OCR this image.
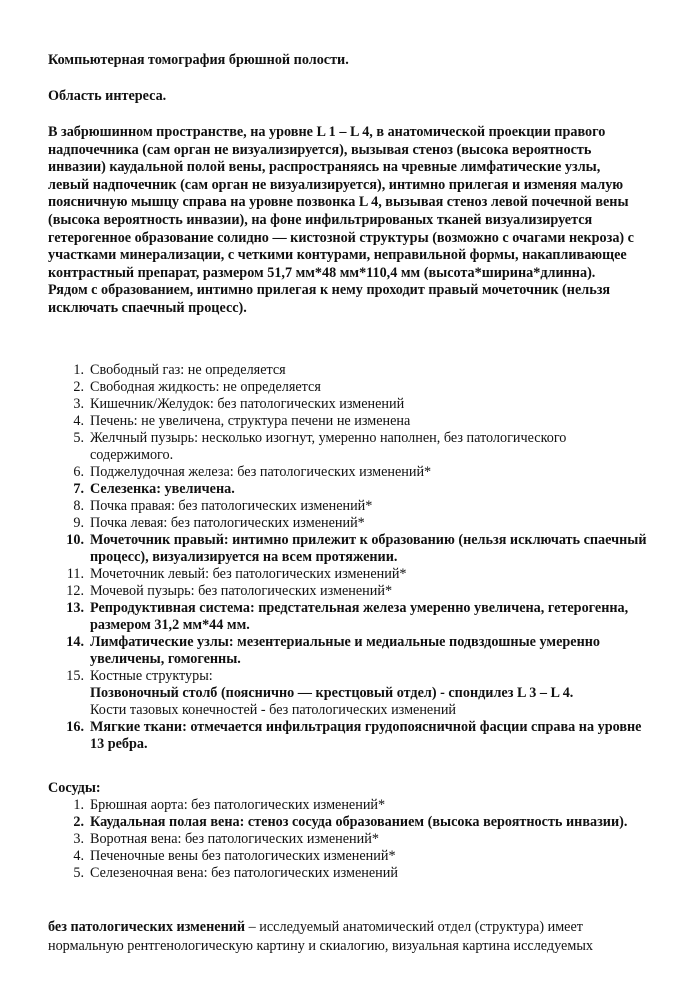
Компьютерная томография брюшной полости.
Область интереса.
В забрюшинном пространстве, на уровне L 1 – L 4, в анатомической проекции правого надпочечника (сам орган не визуализируется), вызывая стеноз (высока вероятность инвазии) каудальной полой вены, распространяясь на чревные лимфатические узлы, левый надпочечник (сам орган не визуализируется), интимно прилегая и изменяя малую поясничную мышцу справа на уровне позвонка L 4, вызывая стеноз левой почечной вены (высока вероятность инвазии), на фоне инфильтрированых тканей визуализируется гетерогенное образование солидно — кистозной структуры (возможно с очагами некроза) с участками минерализации, с четкими контурами, неправильной формы, накапливающее контрастный препарат, размером 51,7 мм*48 мм*110,4 мм (высота*ширина*длинна). Рядом с образованием, интимно прилегая к нему проходит правый мочеточник (нельзя исключать спаечный процесс).
1. Свободный газ: не определяется
2. Свободная жидкость: не определяется
3. Кишечник/Желудок: без патологических изменений
4. Печень: не увеличена, структура печени не изменена
5. Желчный пузырь: несколько изогнут, умеренно наполнен, без патологического содержимого.
6. Поджелудочная железа: без патологических изменений*
7. Селезенка: увеличена.
8. Почка правая: без патологических изменений*
9. Почка левая: без патологических изменений*
10. Мочеточник правый: интимно прилежит к образованию (нельзя исключать спаечный процесс), визуализируется на всем протяжении.
11. Мочеточник левый: без патологических изменений*
12. Мочевой пузырь: без патологических изменений*
13. Репродуктивная система: предстательная железа умеренно увеличена, гетерогенна, размером 31,2 мм*44 мм.
14. Лимфатические узлы: мезентериальные и медиальные подвздошные умеренно увеличены, гомогенны.
15. Костные структуры:
Позвоночный столб (пояснично — крестцовый отдел) - спондилез L 3 – L 4.
Кости тазовых конечностей - без патологических изменений
16. Мягкие ткани: отмечается инфильтрация грудопоясничной фасции справа на уровне 13 ребра.
Сосуды:
1. Брюшная аорта: без патологических изменений*
2. Каудальная полая вена: стеноз сосуда образованием (высока вероятность инвазии).
3. Воротная вена: без патологических изменений*
4. Печеночные вены без патологических изменений*
5. Селезеночная вена: без патологических изменений
без патологических изменений – исследуемый анатомический отдел (структура) имеет нормальную рентгенологическую картину и скиалогию, визуальная картина исследуемых
